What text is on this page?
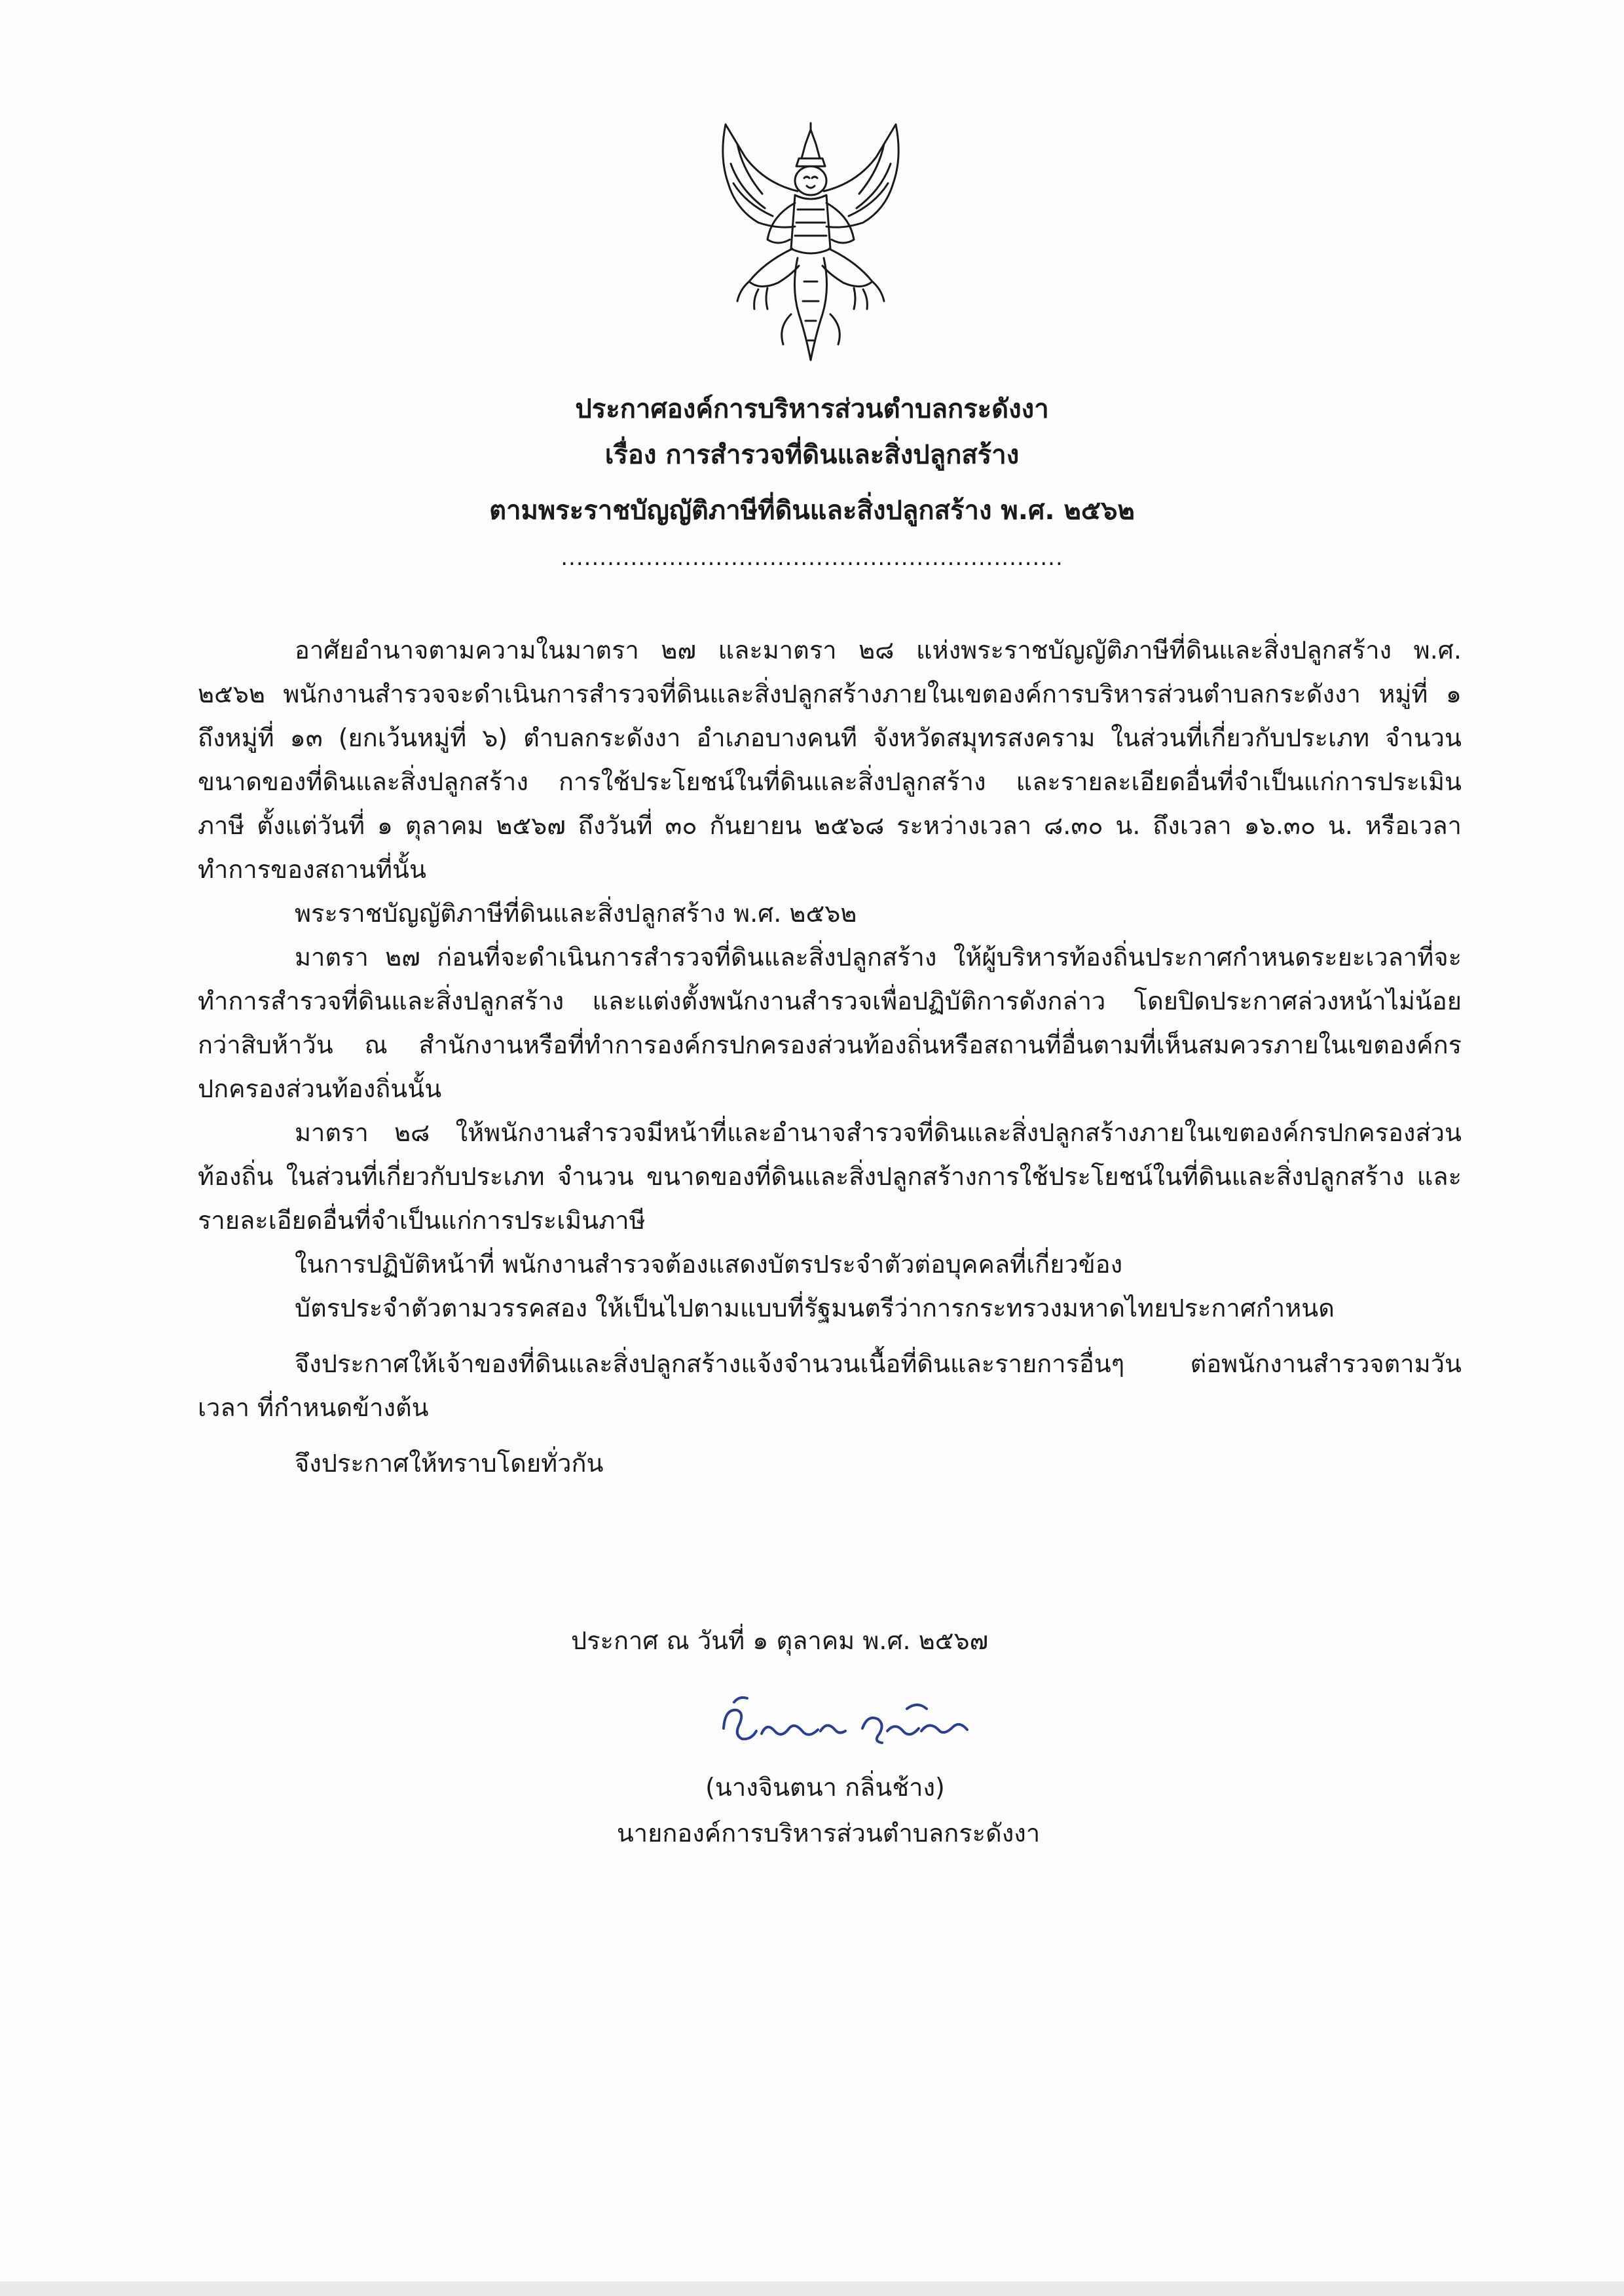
ประกาศองค์การบริหารส่วนตำบลกระดังงา
เรื่อง การสำรวจที่ดินและสิ่งปลูกสร้าง
ตามพระราชบัญญัติภาษีที่ดินและสิ่งปลูกสร้าง พ.ศ. ๒๕๖๒
.................................................................

อาศัยอำนาจตามความในมาตรา ๒๗ และมาตรา ๒๘ แห่งพระราชบัญญัติภาษีที่ดินและสิ่งปลูกสร้าง พ.ศ. ๒๕๖๒ พนักงานสำรวจจะดำเนินการสำรวจที่ดินและสิ่งปลูกสร้างภายในเขตองค์การบริหารส่วนตำบลกระดังงา หมู่ที่ ๑ ถึงหมู่ที่ ๑๓ (ยกเว้นหมู่ที่ ๖) ตำบลกระดังงา อำเภอบางคนที จังหวัดสมุทรสงคราม ในส่วนที่เกี่ยวกับประเภท จำนวน ขนาดของที่ดินและสิ่งปลูกสร้าง การใช้ประโยชน์ในที่ดินและสิ่งปลูกสร้าง และรายละเอียดอื่นที่จำเป็นแก่การประเมินภาษี ตั้งแต่วันที่ ๑ ตุลาคม ๒๕๖๗ ถึงวันที่ ๓๐ กันยายน ๒๕๖๘ ระหว่างเวลา ๘.๓๐ น. ถึงเวลา ๑๖.๓๐ น. หรือเวลาทำการของสถานที่นั้น

พระราชบัญญัติภาษีที่ดินและสิ่งปลูกสร้าง พ.ศ. ๒๕๖๒

มาตรา ๒๗ ก่อนที่จะดำเนินการสำรวจที่ดินและสิ่งปลูกสร้าง ให้ผู้บริหารท้องถิ่นประกาศกำหนดระยะเวลาที่จะทำการสำรวจที่ดินและสิ่งปลูกสร้าง และแต่งตั้งพนักงานสำรวจเพื่อปฏิบัติการดังกล่าว โดยปิดประกาศล่วงหน้าไม่น้อยกว่าสิบห้าวัน ณ สำนักงานหรือที่ทำการองค์กรปกครองส่วนท้องถิ่นหรือสถานที่อื่นตามที่เห็นสมควรภายในเขตองค์กรปกครองส่วนท้องถิ่นนั้น

มาตรา ๒๘ ให้พนักงานสำรวจมีหน้าที่และอำนาจสำรวจที่ดินและสิ่งปลูกสร้างภายในเขตองค์กรปกครองส่วนท้องถิ่น ในส่วนที่เกี่ยวกับประเภท จำนวน ขนาดของที่ดินและสิ่งปลูกสร้างการใช้ประโยชน์ในที่ดินและสิ่งปลูกสร้าง และรายละเอียดอื่นที่จำเป็นแก่การประเมินภาษี

ในการปฏิบัติหน้าที่ พนักงานสำรวจต้องแสดงบัตรประจำตัวต่อบุคคลที่เกี่ยวข้อง

บัตรประจำตัวตามวรรคสอง ให้เป็นไปตามแบบที่รัฐมนตรีว่าการกระทรวงมหาดไทยประกาศกำหนด

จึงประกาศให้เจ้าของที่ดินและสิ่งปลูกสร้างแจ้งจำนวนเนื้อที่ดินและรายการอื่นๆ ต่อพนักงานสำรวจตามวัน เวลา ที่กำหนดข้างต้น

จึงประกาศให้ทราบโดยทั่วกัน

ประกาศ ณ วันที่ ๑ ตุลาคม พ.ศ. ๒๕๖๗
(นางจินตนา กลิ่นช้าง)
นายกองค์การบริหารส่วนตำบลกระดังงา
